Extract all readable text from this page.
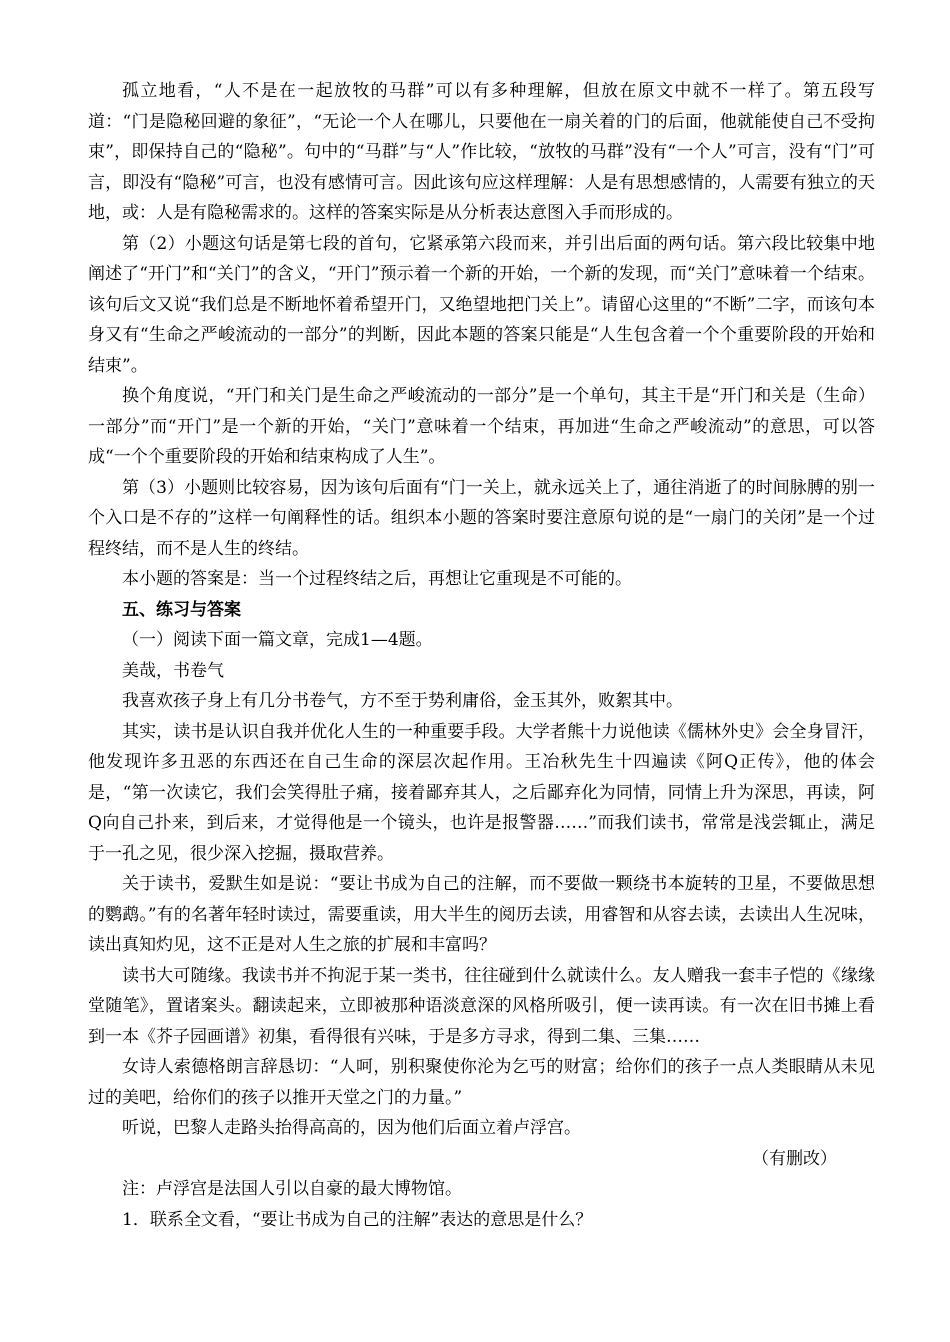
孤立地看，“人不是在一起放牧的马群”可以有多种理解，但放在原文中就不一样了。第五段写道：“门是隐秘回避的象征”，“无论一个人在哪儿，只要他在一扇关着的门的后面，他就能使自己不受拘束”，即保持自己的“隐秘”。句中的“马群”与“人”作比较，“放牧的马群”没有“一个人”可言，没有“门”可言，即没有“隐秘”可言，也没有感情可言。因此该句应这样理解：人是有思想感情的，人需要有独立的天地，或：人是有隐秘需求的。这样的答案实际是从分析表达意图入手而形成的。

第（2）小题这句话是第七段的首句，它紧承第六段而来，并引出后面的两句话。第六段比较集中地阐述了“开门”和“关门”的含义，“开门”预示着一个新的开始，一个新的发现，而“关门”意味着一个结束。该句后文又说“我们总是不断地怀着希望开门，又绝望地把门关上”。请留心这里的“不断”二字，而该句本身又有“生命之严峻流动的一部分”的判断，因此本题的答案只能是“人生包含着一个个重要阶段的开始和结束”。

换个角度说，“开门和关门是生命之严峻流动的一部分”是一个单句，其主干是“开门和关是（生命）一部分”而“开门”是一个新的开始，“关门”意味着一个结束，再加进“生命之严峻流动”的意思，可以答成“一个个重要阶段的开始和结束构成了人生”。

第（3）小题则比较容易，因为该句后面有“门一关上，就永远关上了，通往消逝了的时间脉膊的别一个入口是不存的”这样一句阐释性的话。组织本小题的答案时要注意原句说的是“一扇门的关闭”是一个过程终结，而不是人生的终结。

本小题的答案是：当一个过程终结之后，再想让它重现是不可能的。

五、练习与答案

（一）阅读下面一篇文章，完成1—4题。

美哉，书卷气

我喜欢孩子身上有几分书卷气，方不至于势利庸俗，金玉其外，败絮其中。

其实，读书是认识自我并优化人生的一种重要手段。大学者熊十力说他读《儒林外史》会全身冒汗，他发现许多丑恶的东西还在自己生命的深层次起作用。王冶秋先生十四遍读《阿Q正传》，他的体会是，“第一次读它，我们会笑得肚子痛，接着鄙弃其人，之后鄙弃化为同情，同情上升为深思，再读，阿Q向自己扑来，到后来，才觉得他是一个镜头，也许是报警器……”而我们读书，常常是浅尝辄止，满足于一孔之见，很少深入挖掘，摄取营养。

关于读书，爱默生如是说：“要让书成为自己的注解，而不要做一颗绕书本旋转的卫星，不要做思想的鹦鹉。”有的名著年轻时读过，需要重读，用大半生的阅历去读，用睿智和从容去读，去读出人生况味，读出真知灼见，这不正是对人生之旅的扩展和丰富吗？

读书大可随缘。我读书并不拘泥于某一类书，往往碰到什么就读什么。友人赠我一套丰子恺的《缘缘堂随笔》，置诸案头。翻读起来，立即被那种语淡意深的风格所吸引，便一读再读。有一次在旧书摊上看到一本《芥子园画谱》初集，看得很有兴味，于是多方寻求，得到二集、三集……

女诗人索德格朗言辞恳切：“人呵，别积聚使你沦为乞丐的财富；给你们的孩子一点人类眼睛从未见过的美吧，给你们的孩子以推开天堂之门的力量。”

听说，巴黎人走路头抬得高高的，因为他们后面立着卢浮宫。

（有删改）

注：卢浮宫是法国人引以自豪的最大博物馆。

1．联系全文看，“要让书成为自己的注解”表达的意思是什么？
